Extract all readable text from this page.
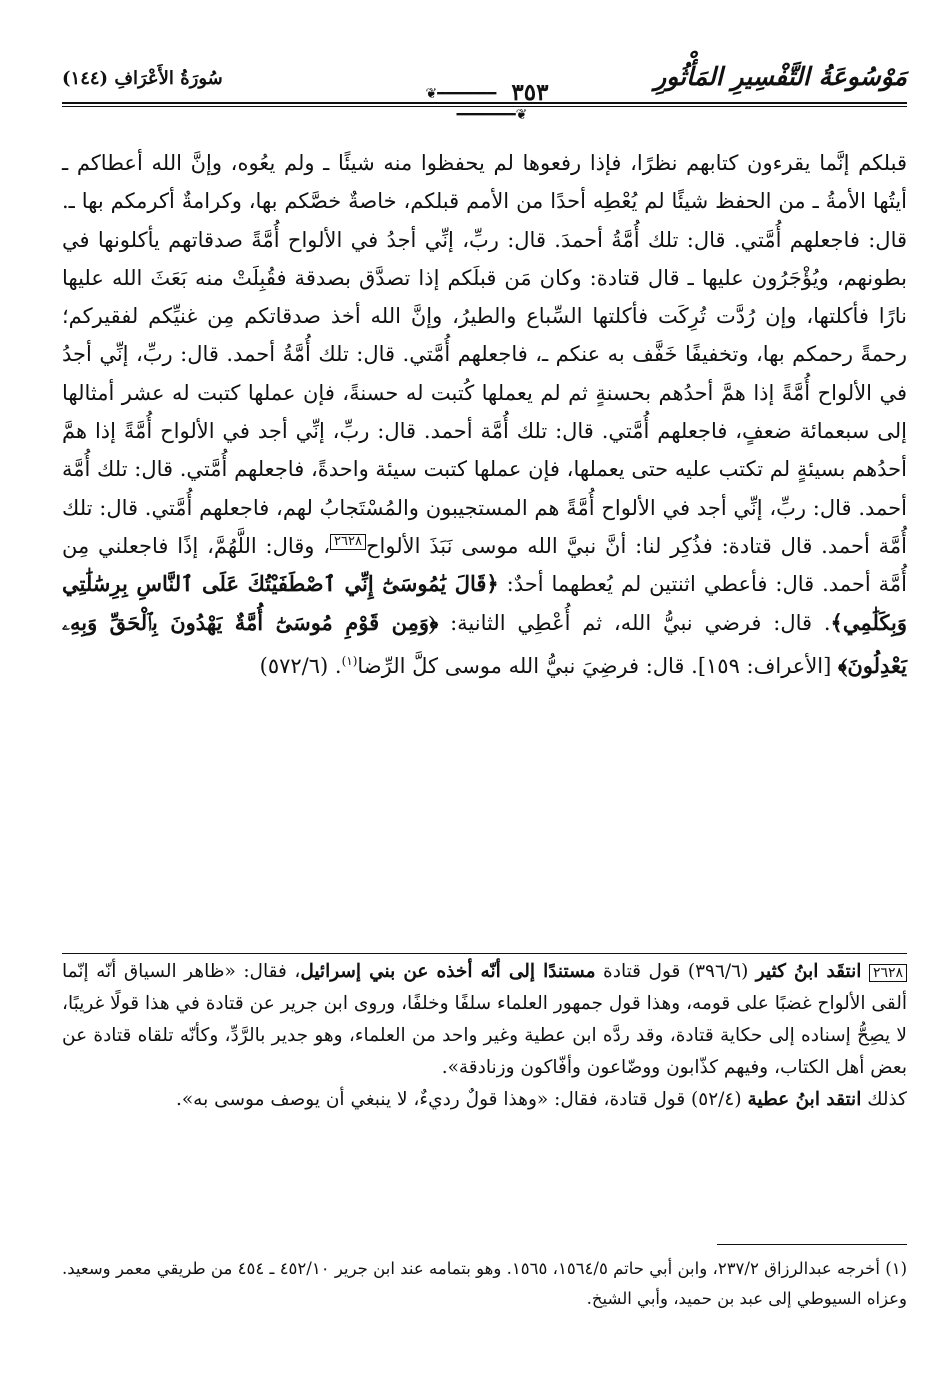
مَوْسُوعَةُ التَّفْسِيرِ المَأْثُورِ
❦━━━━━━━ ٣٥٣ ━━━━━━━❦
سُورَةُ الأَعْرَافِ (١٤٤)

قبلكم إنَّما يقرءون كتابهم نظرًا، فإذا رفعوها لم يحفظوا منه شيئًا ـ ولم يعُوه، وإنَّ الله أعطاكم ـ أيتُها الأمةُ ـ من الحفظ شيئًا لم يُعْطِه أحدًا من الأمم قبلكم، خاصةٌ خصَّكم بها، وكرامةٌ أكرمكم بها ـ. قال: فاجعلهم أُمَّتي. قال: تلك أُمَّةُ أحمدَ. قال: ربِّ، إنِّي أجدُ في الألواح أُمَّةً صدقاتهم يأكلونها في بطونهم، ويُؤْجَرُون عليها ـ قال قتادة: وكان مَن قبلَكم إذا تصدَّق بصدقة فقُبِلَتْ منه بَعَثَ الله عليها نارًا فأكلتها، وإن رُدَّت تُرِكَت فأكلتها السِّباع والطيرُ، وإنَّ الله أخذ صدقاتكم مِن غنيِّكم لفقيركم؛ رحمةً رحمكم بها، وتخفيفًا خَفَّف به عنكم ـ، فاجعلهم أُمَّتي. قال: تلك أُمَّةُ أحمد. قال: ربِّ، إنِّي أجدُ في الألواح أُمَّةً إذا همَّ أحدُهم بحسنةٍ ثم لم يعملها كُتبت له حسنةً، فإن عملها كتبت له عشر أمثالها إلى سبعمائة ضعفٍ، فاجعلهم أُمَّتي. قال: تلك أُمَّة أحمد. قال: ربِّ، إنِّي أجد في الألواح أُمَّةً إذا همَّ أحدُهم بسيئةٍ لم تكتب عليه حتى يعملها، فإن عملها كتبت سيئة واحدةً، فاجعلهم أُمَّتي. قال: تلك أُمَّة أحمد. قال: ربِّ، إنِّي أجد في الألواح أُمَّةً هم المستجيبون والمُسْتَجابُ لهم، فاجعلهم أُمَّتي. قال: تلك أُمَّة أحمد. قال قتادة: فذُكِر لنا: أنَّ نبيَّ الله موسى نَبَذَ الألواح٢٦٢٨، وقال: اللَّهُمَّ، إذًا فاجعلني مِن أُمَّة أحمد. قال: فأعطي اثنتين لم يُعطهما أحدٌ: ﴿قَالَ يَٰمُوسَىٰٓ إِنِّي ٱصْطَفَيْتُكَ عَلَى ٱلنَّاسِ بِرِسَٰلَٰتِي وَبِكَلَٰمِي﴾. قال: فرضي نبيُّ الله، ثم أُعْطِي الثانية: ﴿وَمِن قَوْمِ مُوسَىٰٓ أُمَّةٌ يَهْدُونَ بِٱلْحَقِّ وَبِهِۦ يَعْدِلُونَ﴾ [الأعراف: ١٥٩]. قال: فرضِيَ نبيُّ الله موسى كلَّ الرِّضا$^{(١)}$. (٥٧٢/٦)

٢٦٢٨ انتقَد ابنُ كثير (٣٩٦/٦) قول قتادة مستندًا إلى أنّه أخذه عن بني إسرائيل، فقال: «ظاهر السياق أنّه إنّما ألقى الألواح غضبًا على قومه، وهذا قول جمهور العلماء سلفًا وخلفًا، وروى ابن جرير عن قتادة في هذا قولًا غريبًا، لا يصِحُّ إسناده إلى حكاية قتادة، وقد ردَّه ابن عطية وغير واحد من العلماء، وهو جدير بالرَّدِّ، وكأنّه تلقاه قتادة عن بعض أهل الكتاب، وفيهم كذّابون ووضّاعون وأفّاكون وزنادقة».

كذلك انتقد ابنُ عطية (٥٢/٤) قول قتادة، فقال: «وهذا قولٌ رديءٌ، لا ينبغي أن يوصف موسى به».

(١) أخرجه عبدالرزاق ٢٣٧/٢، وابن أبي حاتم ١٥٦٤/٥، ١٥٦٥. وهو بتمامه عند ابن جرير ٤٥٢/١٠ ـ ٤٥٤ من طريقي معمر وسعيد. وعزاه السيوطي إلى عبد بن حميد، وأبي الشيخ.
